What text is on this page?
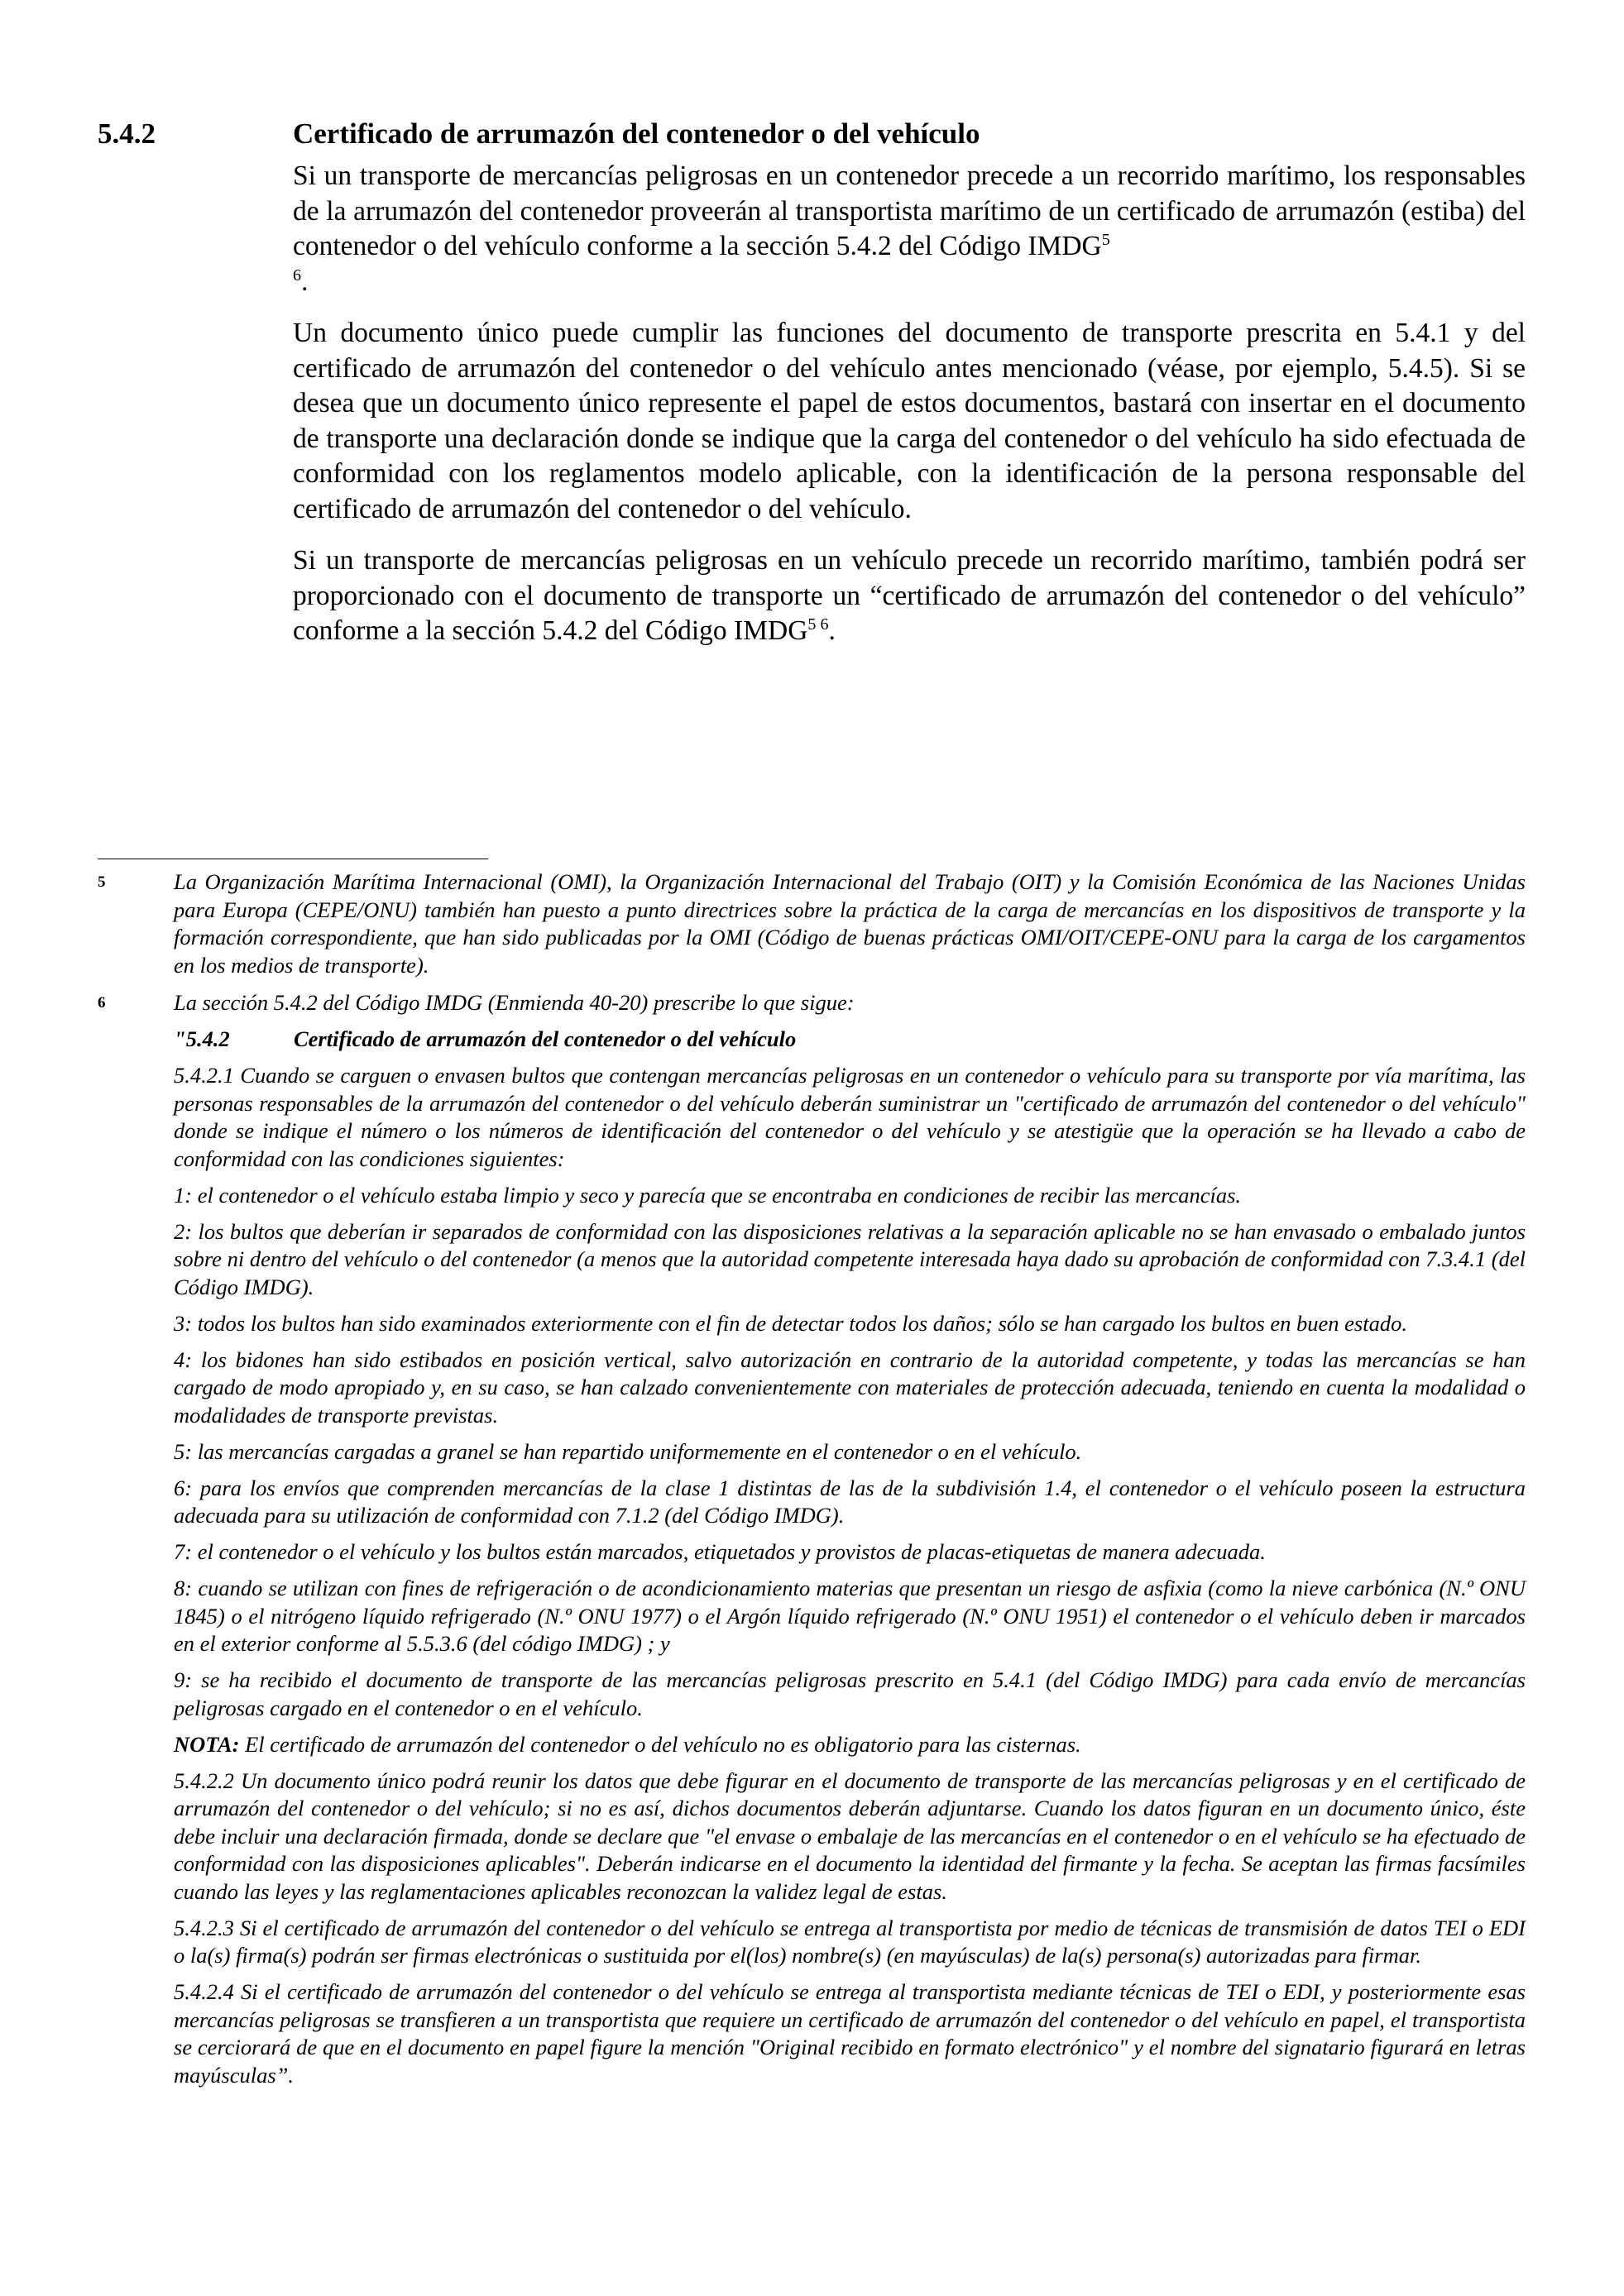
5.4.2	Certificado de arrumazón del contenedor o del vehículo

Si un transporte de mercancías peligrosas en un contenedor precede a un recorrido marítimo, los responsables de la arrumazón del contenedor proveerán al transportista marítimo de un certificado de arrumazón (estiba) del contenedor o del vehículo conforme a la sección 5.4.2 del Código IMDG$^5$
$^6$.

Un documento único puede cumplir las funciones del documento de transporte prescrita en 5.4.1 y del certificado de arrumazón del contenedor o del vehículo antes mencionado (véase, por ejemplo, 5.4.5). Si se desea que un documento único represente el papel de estos documentos, bastará con insertar en el documento de transporte una declaración donde se indique que la carga del contenedor o del vehículo ha sido efectuada de conformidad con los reglamentos modelo aplicable, con la identificación de la persona responsable del certificado de arrumazón del contenedor o del vehículo.

Si un transporte de mercancías peligrosas en un vehículo precede un recorrido marítimo, también podrá ser proporcionado con el documento de transporte un “certificado de arrumazón del contenedor o del vehículo” conforme a la sección 5.4.2 del Código $IMDG^{5 6}$.

5	La Organización Marítima Internacional (OMI), la Organización Internacional del Trabajo (OIT) y la Comisión Económica de las Naciones Unidas para Europa (CEPE/ONU) también han puesto a punto directrices sobre la práctica de la carga de mercancías en los dispositivos de transporte y la formación correspondiente, que han sido publicadas por la OMI (Código de buenas prácticas OMI/OIT/CEPE-ONU para la carga de los cargamentos en los medios de transporte).

6	La sección 5.4.2 del Código IMDG (Enmienda 40-20) prescribe lo que sigue:

"5.4.2	Certificado de arrumazón del contenedor o del vehículo

5.4.2.1 Cuando se carguen o envasen bultos que contengan mercancías peligrosas en un contenedor o vehículo para su transporte por vía marítima, las personas responsables de la arrumazón del contenedor o del vehículo deberán suministrar un "certificado de arrumazón del contenedor o del vehículo" donde se indique el número o los números de identificación del contenedor o del vehículo y se atestigüe que la operación se ha llevado a cabo de conformidad con las condiciones siguientes:

1: el contenedor o el vehículo estaba limpio y seco y parecía que se encontraba en condiciones de recibir las mercancías.

2: los bultos que deberían ir separados de conformidad con las disposiciones relativas a la separación aplicable no se han envasado o embalado juntos sobre ni dentro del vehículo o del contenedor (a menos que la autoridad competente interesada haya dado su aprobación de conformidad con 7.3.4.1 (del Código IMDG).

3: todos los bultos han sido examinados exteriormente con el fin de detectar todos los daños; sólo se han cargado los bultos en buen estado.

4: los bidones han sido estibados en posición vertical, salvo autorización en contrario de la autoridad competente, y todas las mercancías se han cargado de modo apropiado y, en su caso, se han calzado convenientemente con materiales de protección adecuada, teniendo en cuenta la modalidad o modalidades de transporte previstas.

5: las mercancías cargadas a granel se han repartido uniformemente en el contenedor o en el vehículo.

6: para los envíos que comprenden mercancías de la clase 1 distintas de las de la subdivisión 1.4, el contenedor o el vehículo poseen la estructura adecuada para su utilización de conformidad con 7.1.2 (del Código IMDG).

7: el contenedor o el vehículo y los bultos están marcados, etiquetados y provistos de placas-etiquetas de manera adecuada.

8: cuando se utilizan con fines de refrigeración o de acondicionamiento materias que presentan un riesgo de asfixia (como la nieve carbónica (N.º ONU 1845) o el nitrógeno líquido refrigerado (N.º ONU 1977) o el Argón líquido refrigerado (N.º ONU 1951) el contenedor o el vehículo deben ir marcados en el exterior conforme al 5.5.3.6 (del código IMDG) ; y

9: se ha recibido el documento de transporte de las mercancías peligrosas prescrito en 5.4.1 (del Código IMDG) para cada envío de mercancías peligrosas cargado en el contenedor o en el vehículo.

NOTA: El certificado de arrumazón del contenedor o del vehículo no es obligatorio para las cisternas.

5.4.2.2 Un documento único podrá reunir los datos que debe figurar en el documento de transporte de las mercancías peligrosas y en el certificado de arrumazón del contenedor o del vehículo; si no es así, dichos documentos deberán adjuntarse. Cuando los datos figuran en un documento único, éste debe incluir una declaración firmada, donde se declare que "el envase o embalaje de las mercancías en el contenedor o en el vehículo se ha efectuado de conformidad con las disposiciones aplicables". Deberán indicarse en el documento la identidad del firmante y la fecha. Se aceptan las firmas facsímiles cuando las leyes y las reglamentaciones aplicables reconozcan la validez legal de estas.

5.4.2.3 Si el certificado de arrumazón del contenedor o del vehículo se entrega al transportista por medio de técnicas de transmisión de datos TEI o EDI o la(s) firma(s) podrán ser firmas electrónicas o sustituida por el(los) nombre(s) (en mayúsculas) de la(s) persona(s) autorizadas para firmar.

5.4.2.4 Si el certificado de arrumazón del contenedor o del vehículo se entrega al transportista mediante técnicas de TEI o EDI, y posteriormente esas mercancías peligrosas se transfieren a un transportista que requiere un certificado de arrumazón del contenedor o del vehículo en papel, el transportista se cerciorará de que en el documento en papel figure la mención "Original recibido en formato electrónico" y el nombre del signatario figurará en letras mayúsculas”.
